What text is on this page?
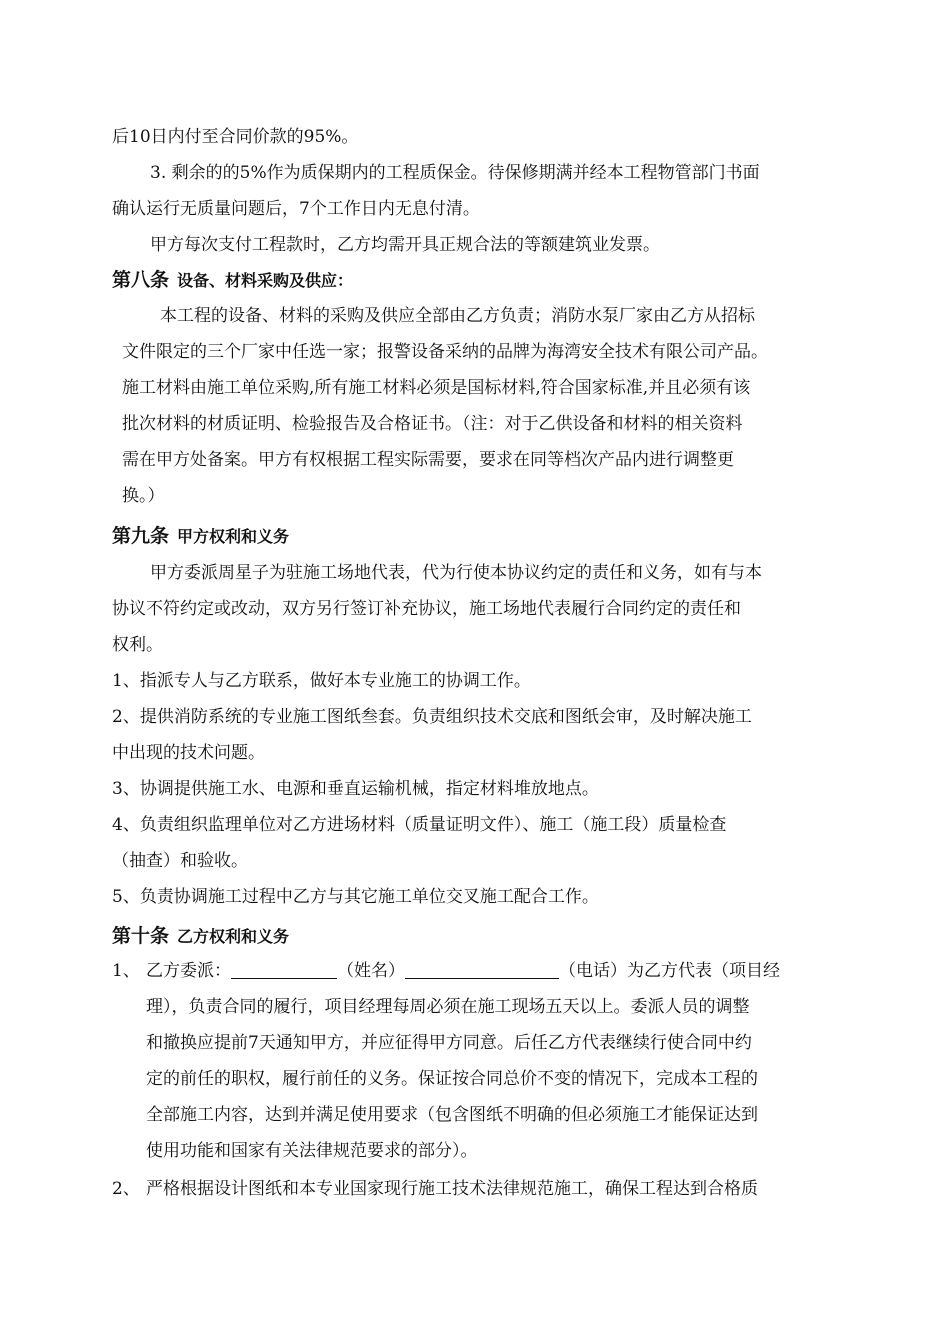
后10日内付至合同价款的95%。
3. 剩余的的5%作为质保期内的工程质保金。待保修期满并经本工程物管部门书面
确认运行无质量问题后，7个工作日内无息付清。
甲方每次支付工程款时，乙方均需开具正规合法的等额建筑业发票。
第八条 设备、材料采购及供应：
本工程的设备、材料的采购及供应全部由乙方负责；消防水泵厂家由乙方从招标
文件限定的三个厂家中任选一家；报警设备采纳的品牌为海湾安全技术有限公司产品。
施工材料由施工单位采购,所有施工材料必须是国标材料,符合国家标准,并且必须有该
批次材料的材质证明、检验报告及合格证书。（注：对于乙供设备和材料的相关资料
需在甲方处备案。甲方有权根据工程实际需要，要求在同等档次产品内进行调整更
换。）
第九条 甲方权利和义务
甲方委派周星子为驻施工场地代表，代为行使本协议约定的责任和义务，如有与本
协议不符约定或改动，双方另行签订补充协议，施工场地代表履行合同约定的责任和
权利。
1、指派专人与乙方联系，做好本专业施工的协调工作。
2、提供消防系统的专业施工图纸叁套。负责组织技术交底和图纸会审，及时解决施工
中出现的技术问题。
3、协调提供施工水、电源和垂直运输机械，指定材料堆放地点。
4、负责组织监理单位对乙方进场材料（质量证明文件）、施工（施工段）质量检查
（抽查）和验收。
5、负责协调施工过程中乙方与其它施工单位交叉施工配合工作。
第十条 乙方权利和义务
1、 乙方委派：	（姓名）	（电话）为乙方代表（项目经
理），负责合同的履行，项目经理每周必须在施工现场五天以上。委派人员的调整
和撤换应提前7天通知甲方，并应征得甲方同意。后任乙方代表继续行使合同中约
定的前任的职权，履行前任的义务。保证按合同总价不变的情况下，完成本工程的
全部施工内容，达到并满足使用要求（包含图纸不明确的但必须施工才能保证达到
使用功能和国家有关法律规范要求的部分）。
2、 严格根据设计图纸和本专业国家现行施工技术法律规范施工，确保工程达到合格质
